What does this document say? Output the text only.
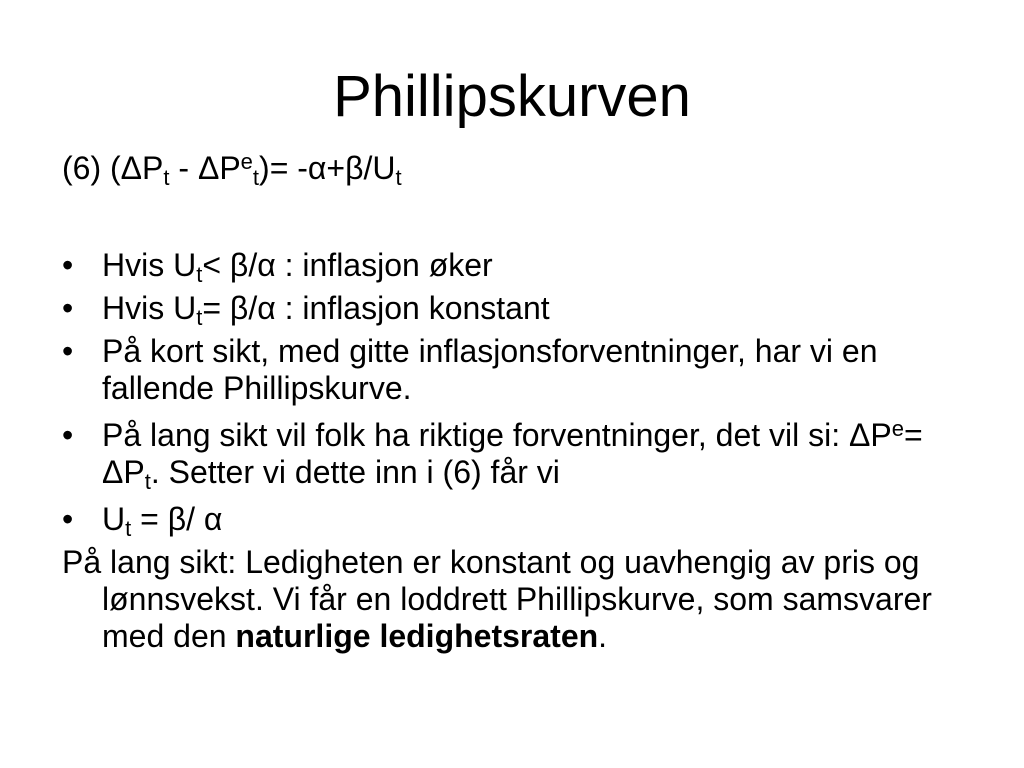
Phillipskurven

(6) $(\Delta P_t - \Delta P^e_t)= -\alpha+\beta/U_t$

• Hvis $U_t< \beta/\alpha$ : inflasjon øker
• Hvis $U_t= \beta/\alpha$ : inflasjon konstant
• På kort sikt, med gitte inflasjonsforventninger, har vi en fallende Phillipskurve.
• På lang sikt vil folk ha riktige forventninger, det vil si: $\Delta P^e= \Delta P_t$. Setter vi dette inn i (6) får vi
• $U_t = \beta/$ α

På lang sikt: Ledigheten er konstant og uavhengig av pris og lønnsvekst. Vi får en loddrett Phillipskurve, som samsvarer med den naturlige ledighetsraten.
